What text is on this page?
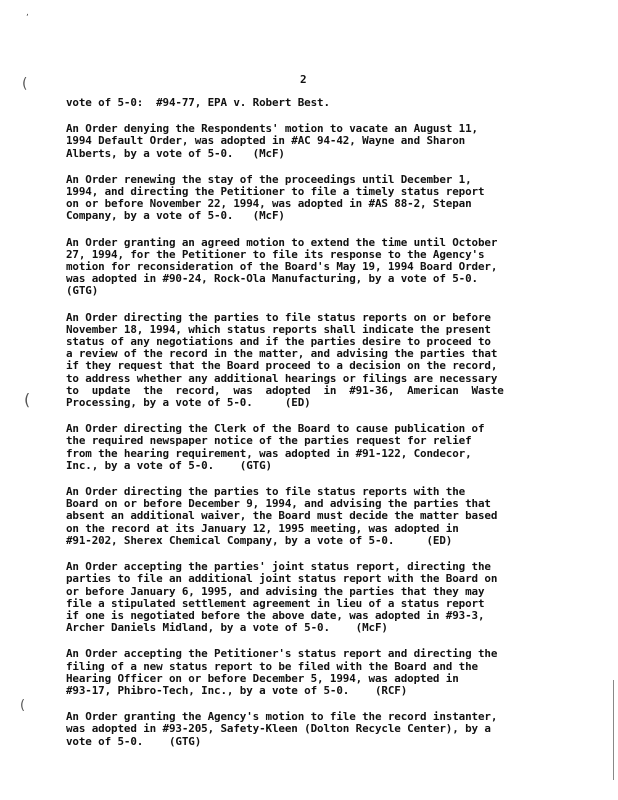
,
(
(
(
2
vote of 5-0:  #94-77, EPA v. Robert Best.
An Order denying the Respondents' motion to vacate an August 11,
1994 Default Order, was adopted in #AC 94-42, Wayne and Sharon
Alberts, by a vote of 5-0.   (McF)
An Order renewing the stay of the proceedings until December 1,
1994, and directing the Petitioner to file a timely status report
on or before November 22, 1994, was adopted in #AS 88-2, Stepan
Company, by a vote of 5-0.   (McF)
An Order granting an agreed motion to extend the time until October
27, 1994, for the Petitioner to file its response to the Agency's
motion for reconsideration of the Board's May 19, 1994 Board Order,
was adopted in #90-24, Rock-Ola Manufacturing, by a vote of 5-0.
(GTG)
An Order directing the parties to file status reports on or before
November 18, 1994, which status reports shall indicate the present
status of any negotiations and if the parties desire to proceed to
a review of the record in the matter, and advising the parties that
if they request that the Board proceed to a decision on the record,
to address whether any additional hearings or filings are necessary
to  update  the  record,  was  adopted  in  #91-36,  American  Waste
Processing, by a vote of 5-0.     (ED)
An Order directing the Clerk of the Board to cause publication of
the required newspaper notice of the parties request for relief
from the hearing requirement, was adopted in #91-122, Condecor,
Inc., by a vote of 5-0.    (GTG)
An Order directing the parties to file status reports with the
Board on or before December 9, 1994, and advising the parties that
absent an additional waiver, the Board must decide the matter based
on the record at its January 12, 1995 meeting, was adopted in
#91-202, Sherex Chemical Company, by a vote of 5-0.     (ED)
An Order accepting the parties' joint status report, directing the
parties to file an additional joint status report with the Board on
or before January 6, 1995, and advising the parties that they may
file a stipulated settlement agreement in lieu of a status report
if one is negotiated before the above date, was adopted in #93-3,
Archer Daniels Midland, by a vote of 5-0.    (McF)
An Order accepting the Petitioner's status report and directing the
filing of a new status report to be filed with the Board and the
Hearing Officer on or before December 5, 1994, was adopted in
#93-17, Phibro-Tech, Inc., by a vote of 5-0.    (RCF)
An Order granting the Agency's motion to file the record instanter,
was adopted in #93-205, Safety-Kleen (Dolton Recycle Center), by a
vote of 5-0.    (GTG)
